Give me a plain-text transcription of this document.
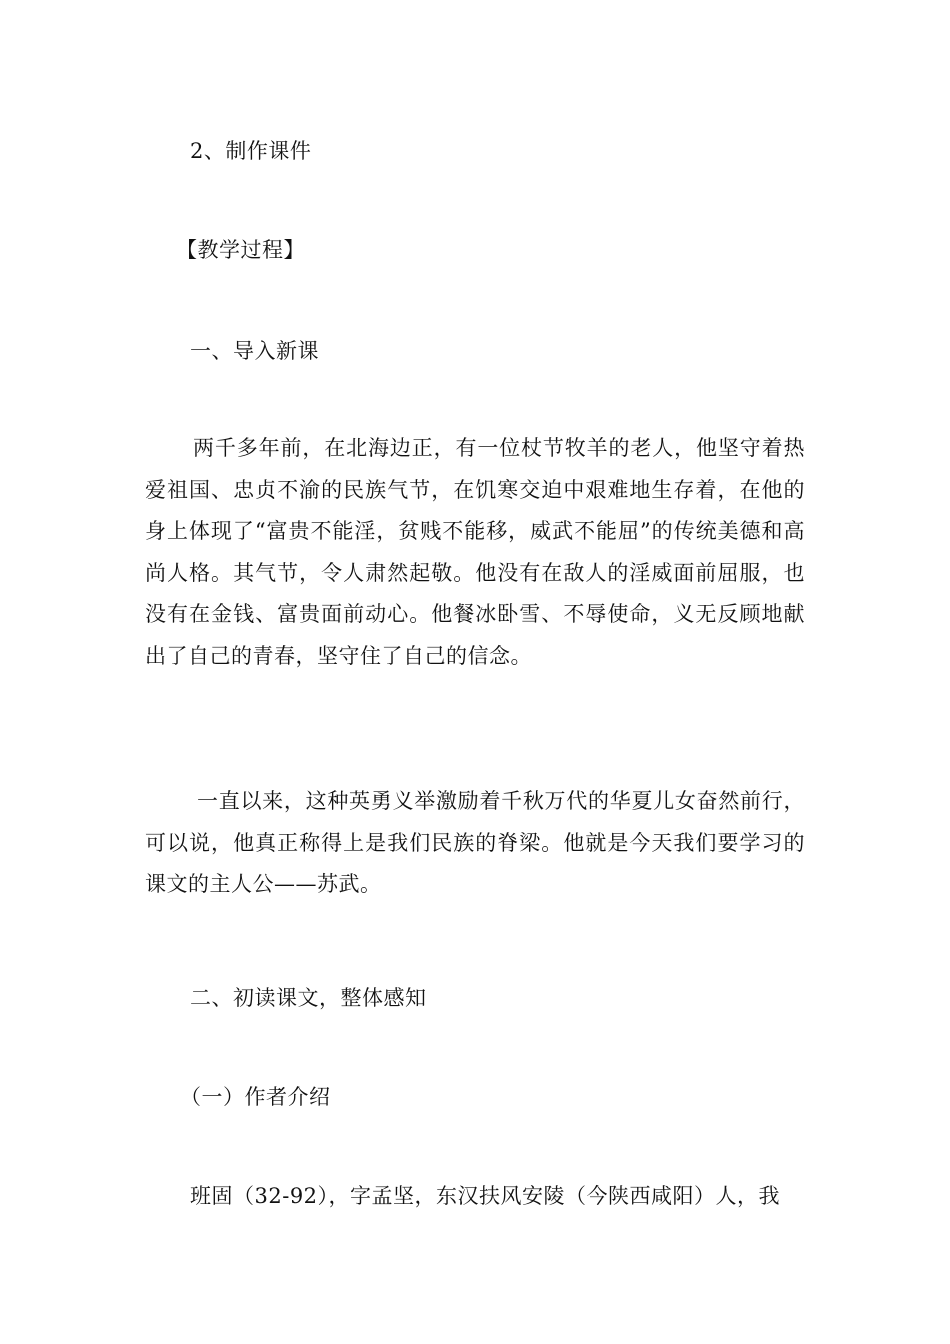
2、制作课件
【教学过程】
一、导入新课
两千多年前，在北海边正，有一位杖节牧羊的老人，他坚守着热爱祖国、忠贞不渝的民族气节，在饥寒交迫中艰难地生存着，在他的身上体现了“富贵不能淫，贫贱不能移，威武不能屈”的传统美德和高尚人格。其气节，令人肃然起敬。他没有在敌人的淫威面前屈服，也没有在金钱、富贵面前动心。他餐冰卧雪、不辱使命，义无反顾地献出了自己的青春，坚守住了自己的信念。
一直以来，这种英勇义举激励着千秋万代的华夏儿女奋然前行，可以说，他真正称得上是我们民族的脊梁。他就是今天我们要学习的课文的主人公——苏武。
二、初读课文，整体感知
（一）作者介绍
班固（32-92），字孟坚，东汉扶风安陵（今陕西咸阳）人，我
